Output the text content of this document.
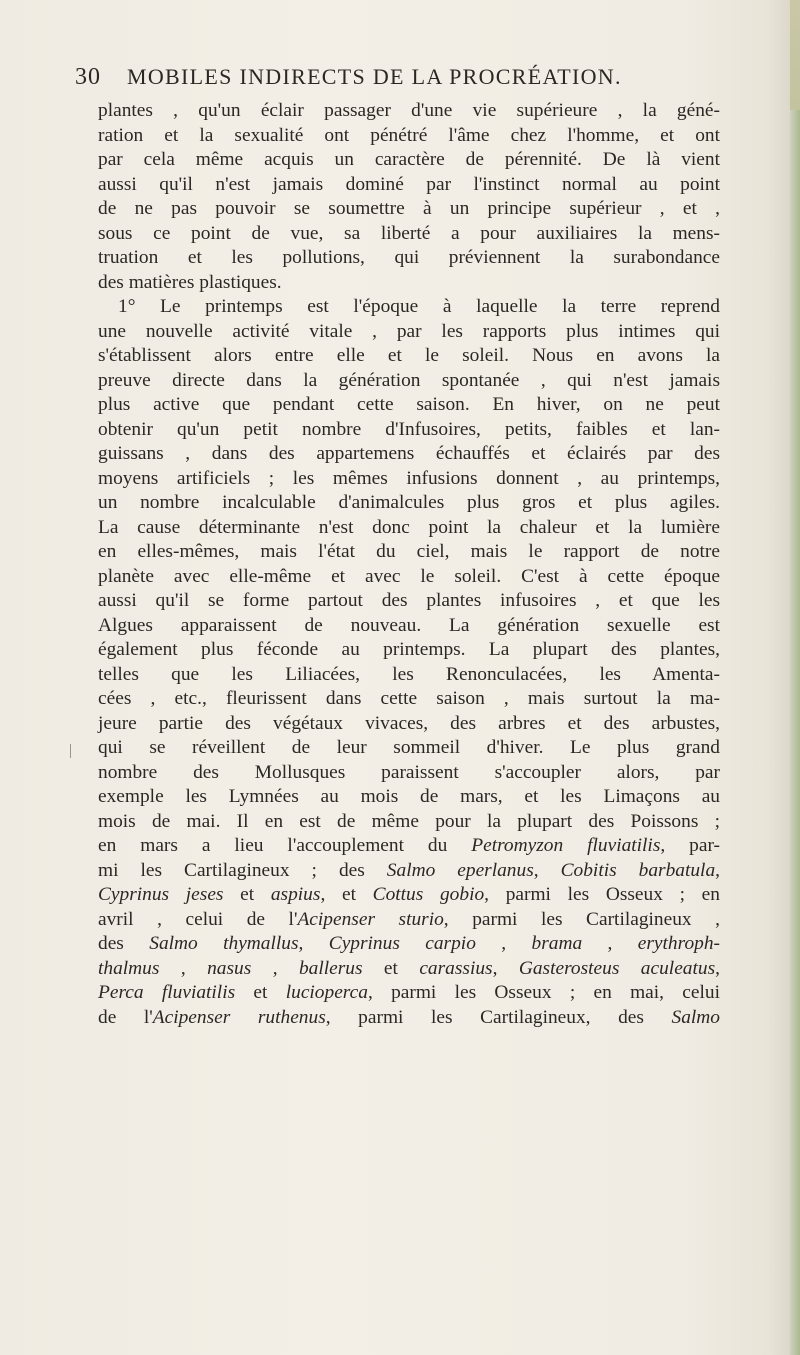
30 MOBILES INDIRECTS DE LA PROCRÉATION.
plantes , qu'un éclair passager d'une vie supérieure , la géné-
ration et la sexualité ont pénétré l'âme chez l'homme, et ont
par cela même acquis un caractère de pérennité. De là vient
aussi qu'il n'est jamais dominé par l'instinct normal au point
de ne pas pouvoir se soumettre à un principe supérieur , et ,
sous ce point de vue, sa liberté a pour auxiliaires la mens-
truation et les pollutions, qui préviennent la surabondance
des matières plastiques.
1° Le printemps est l'époque à laquelle la terre reprend
une nouvelle activité vitale , par les rapports plus intimes qui
s'établissent alors entre elle et le soleil. Nous en avons la
preuve directe dans la génération spontanée , qui n'est jamais
plus active que pendant cette saison. En hiver, on ne peut
obtenir qu'un petit nombre d'Infusoires, petits, faibles et lan-
guissans , dans des appartemens échauffés et éclairés par des
moyens artificiels ; les mêmes infusions donnent , au printemps,
un nombre incalculable d'animalcules plus gros et plus agiles.
La cause déterminante n'est donc point la chaleur et la lumière
en elles-mêmes, mais l'état du ciel, mais le rapport de notre
planète avec elle-même et avec le soleil. C'est à cette époque
aussi qu'il se forme partout des plantes infusoires , et que les
Algues apparaissent de nouveau. La génération sexuelle est
également plus féconde au printemps. La plupart des plantes,
telles que les Liliacées, les Renonculacées, les Amenta-
cées , etc., fleurissent dans cette saison , mais surtout la ma-
jeure partie des végétaux vivaces, des arbres et des arbustes,
qui se réveillent de leur sommeil d'hiver. Le plus grand
nombre des Mollusques paraissent s'accoupler alors, par
exemple les Lymnées au mois de mars, et les Limaçons au
mois de mai. Il en est de même pour la plupart des Poissons ;
en mars a lieu l'accouplement du Petromyzon fluviatilis, par-
mi les Cartilagineux ; des Salmo eperlanus, Cobitis barbatula,
Cyprinus jeses et aspius, et Cottus gobio, parmi les Osseux ; en
avril , celui de l'Acipenser sturio, parmi les Cartilagineux ,
des Salmo thymallus, Cyprinus carpio , brama , erythroph-
thalmus , nasus , ballerus et carassius, Gasterosteus aculeatus,
Perca fluviatilis et lucioperca, parmi les Osseux ; en mai, celui
de l'Acipenser ruthenus, parmi les Cartilagineux, des Salmo
